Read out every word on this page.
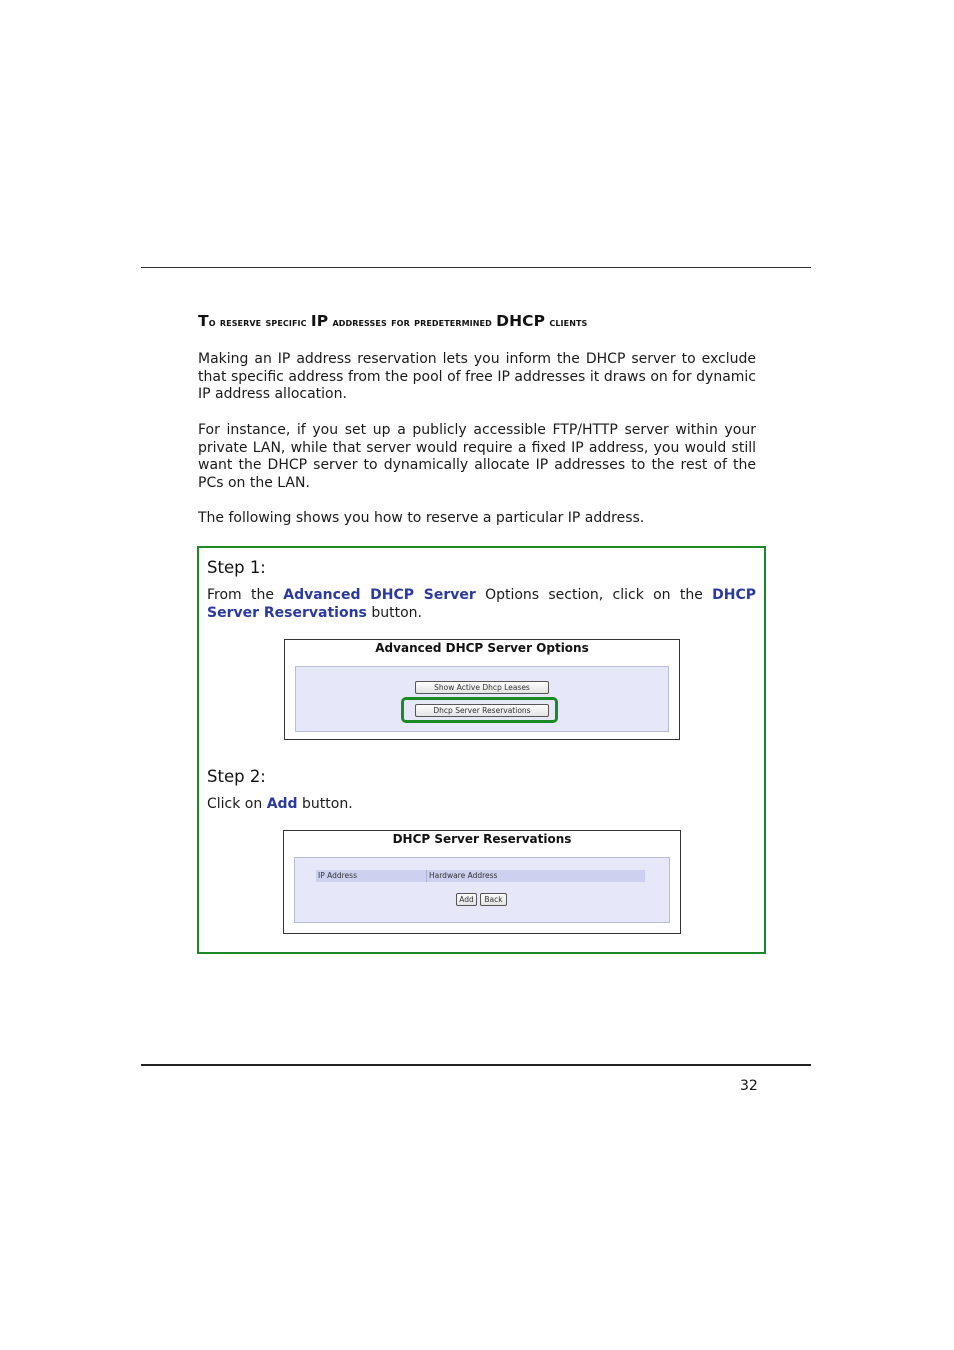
To reserve specific IP addresses for predetermined DHCP clients

Making an IP address reservation lets you inform the DHCP server to exclude that specific address from the pool of free IP addresses it draws on for dynamic IP address allocation.

For instance, if you set up a publicly accessible FTP/HTTP server within your private LAN, while that server would require a fixed IP address, you would still want the DHCP server to dynamically allocate IP addresses to the rest of the PCs on the LAN.

The following shows you how to reserve a particular IP address.

Step 1:

From the Advanced DHCP Server Options section, click on the DHCP Server Reservations button.

Advanced DHCP Server Options
Show Active Dhcp Leases
Dhcp Server Reservations
Step 2:

Click on Add button.

DHCP Server Reservations
IP Address	Hardware Address
Add	Back
32
